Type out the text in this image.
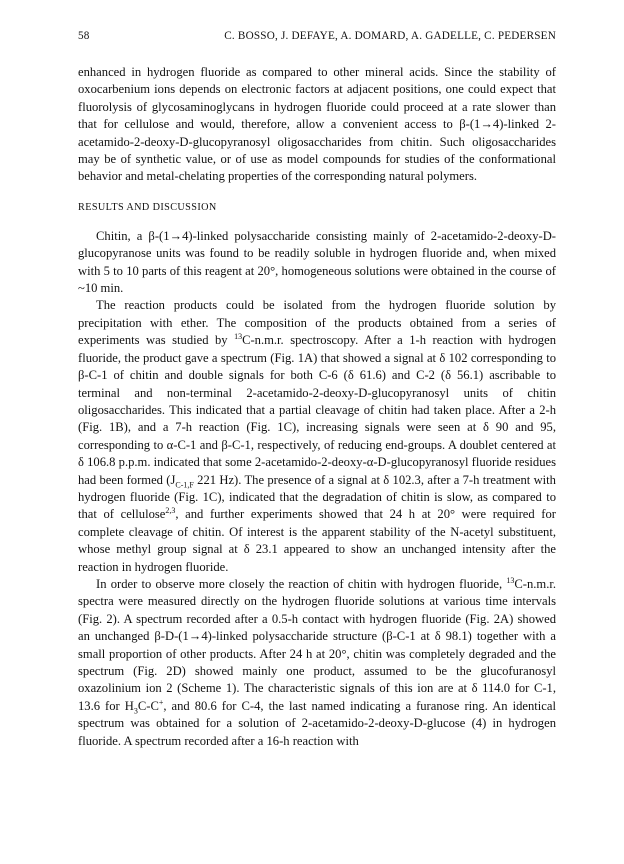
58	C. BOSSO, J. DEFAYE, A. DOMARD, A. GADELLE, C. PEDERSEN

enhanced in hydrogen fluoride as compared to other mineral acids. Since the stability of oxocarbenium ions depends on electronic factors at adjacent positions, one could expect that fluorolysis of glycosaminoglycans in hydrogen fluoride could proceed at a rate slower than that for cellulose and would, therefore, allow a convenient access to β-(1→4)-linked 2-acetamido-2-deoxy-D-glucopyranosyl oligosaccharides from chitin. Such oligosaccharides may be of synthetic value, or of use as model compounds for studies of the conformational behavior and metal-chelating properties of the corresponding natural polymers.

RESULTS AND DISCUSSION

Chitin, a β-(1→4)-linked polysaccharide consisting mainly of 2-acetamido-2-deoxy-D-glucopyranose units was found to be readily soluble in hydrogen fluoride and, when mixed with 5 to 10 parts of this reagent at 20°, homogeneous solutions were obtained in the course of ~10 min.

The reaction products could be isolated from the hydrogen fluoride solution by precipitation with ether. The composition of the products obtained from a series of experiments was studied by $^{13}$C-n.m.r. spectroscopy. After a 1-h reaction with hydrogen fluoride, the product gave a spectrum (Fig. 1A) that showed a signal at δ 102 corresponding to β-C-1 of chitin and double signals for both C-6 (δ 61.6) and C-2 (δ 56.1) ascribable to terminal and non-terminal 2-acetamido-2-deoxy-D-glucopyranosyl units of chitin oligosaccharides. This indicated that a partial cleavage of chitin had taken place. After a 2-h (Fig. 1B), and a 7-h reaction (Fig. 1C), increasing signals were seen at δ 90 and 95, corresponding to α-C-1 and β-C-1, respectively, of reducing end-groups. A doublet centered at δ 106.8 p.p.m. indicated that some 2-acetamido-2-deoxy-α-D-glucopyranosyl fluoride residues had been formed ($J_{C-1,F}$ 221 Hz). The presence of a signal at δ 102.3, after a 7-h treatment with hydrogen fluoride (Fig. 1C), indicated that the degradation of chitin is slow, as compared to that of cellulose$^{2,3}$, and further experiments showed that 24 h at 20° were required for complete cleavage of chitin. Of interest is the apparent stability of the N-acetyl substituent, whose methyl group signal at δ 23.1 appeared to show an unchanged intensity after the reaction in hydrogen fluoride.

In order to observe more closely the reaction of chitin with hydrogen fluoride, $^{13}$C-n.m.r. spectra were measured directly on the hydrogen fluoride solutions at various time intervals (Fig. 2). A spectrum recorded after a 0.5-h contact with hydrogen fluoride (Fig. 2A) showed an unchanged β-D-(1→4)-linked polysaccharide structure (β-C-1 at δ 98.1) together with a small proportion of other products. After 24 h at 20°, chitin was completely degraded and the spectrum (Fig. 2D) showed mainly one product, assumed to be the glucofuranosyl oxazolinium ion 2 (Scheme 1). The characteristic signals of this ion are at δ 114.0 for C-1, 13.6 for $H_3C-C^+$, and 80.6 for C-4, the last named indicating a furanose ring. An identical spectrum was obtained for a solution of 2-acetamido-2-deoxy-D-glucose (4) in hydrogen fluoride. A spectrum recorded after a 16-h reaction with
